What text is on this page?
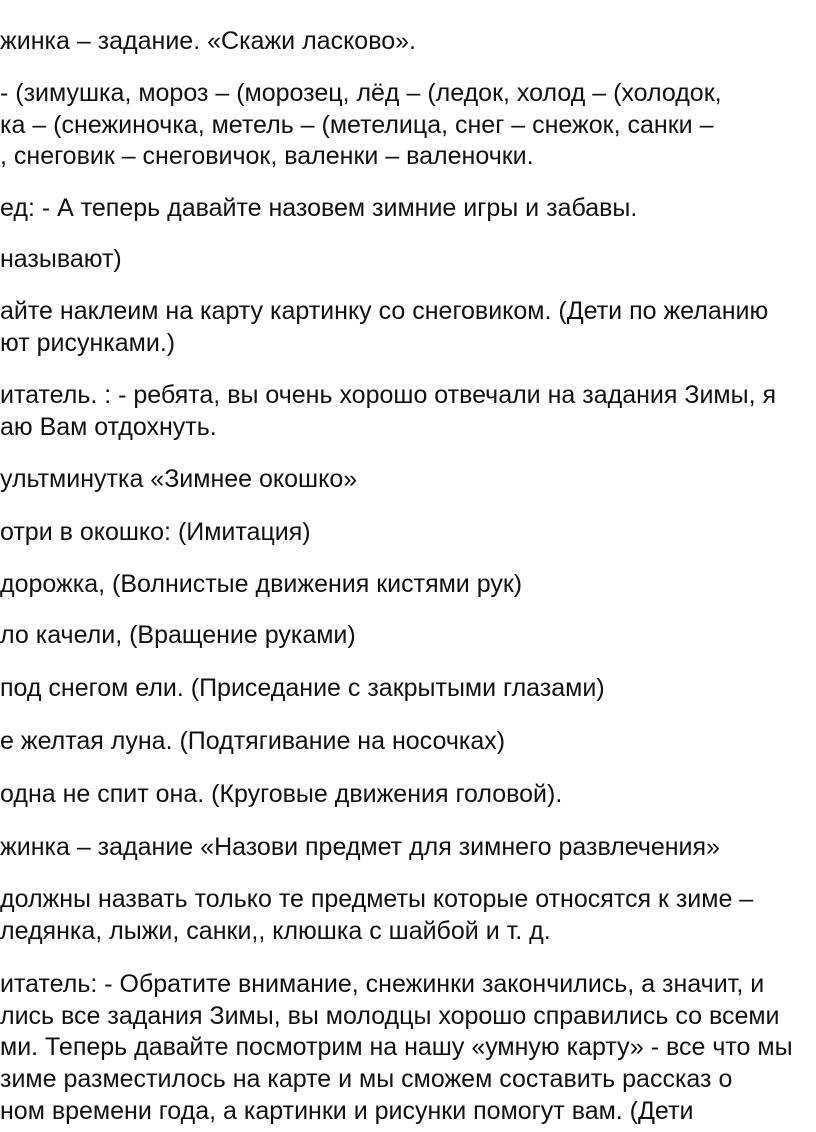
жинка – задание. «Скажи ласково».

- (зимушка, мороз – (морозец, лёд – (ледок, холод – (холодок,

ка – (снежиночка, метель – (метелица, снег – снежок, санки –

, снеговик – снеговичок, валенки – валеночки.

ед: - А теперь давайте назовем зимние игры и забавы.

называют)

айте наклеим на карту картинку со снеговиком. (Дети по желанию

ют рисунками.)

итатель. : - ребята, вы очень хорошо отвечали на задания Зимы, я

аю Вам отдохнуть.

ультминутка «Зимнее окошко»

отри в окошко: (Имитация)

дорожка, (Волнистые движения кистями рук)

ло качели, (Вращение руками)

под снегом ели. (Приседание с закрытыми глазами)

е желтая луна. (Подтягивание на носочках)

одна не спит она. (Круговые движения головой).

жинка – задание «Назови предмет для зимнего развлечения»

должны назвать только те предметы которые относятся к зиме –

ледянка, лыжи, санки,, клюшка с шайбой и т. д.

итатель: - Обратите внимание, снежинки закончились, а значит, и

лись все задания Зимы, вы молодцы хорошо справились со всеми

ми. Теперь давайте посмотрим на нашу «умную карту» - все что мы

зиме разместилось на карте и мы сможем составить рассказ о

ном времени года, а картинки и рисунки помогут вам. (Дети
